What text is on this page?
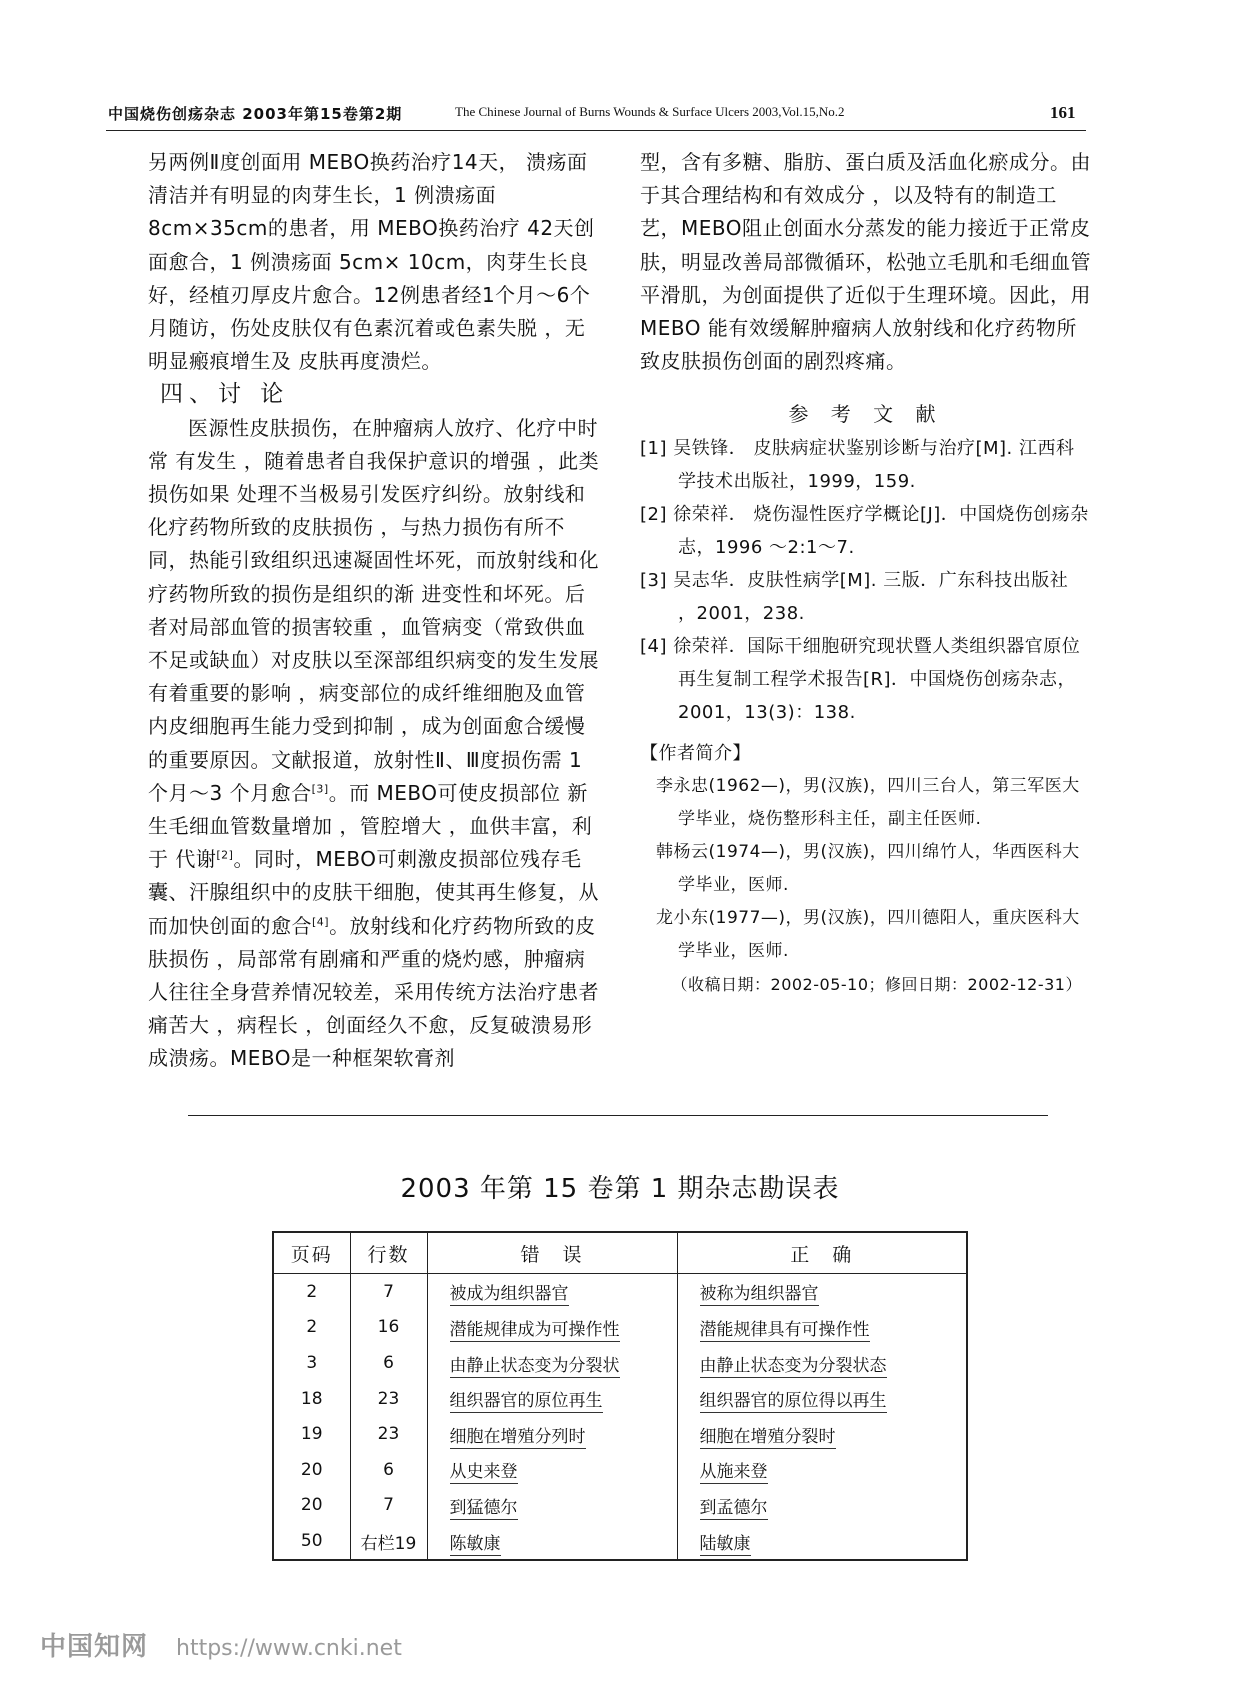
中国烧伤创疡杂志 2003年第15卷第2期	The Chinese Journal of Burns Wounds & Surface Ulcers 2003,Vol.15,No.2	161

另两例Ⅱ度创面用 MEBO换药治疗14天， 溃疡面清洁并有明显的肉芽生长，1 例溃疡面 8cm×35cm的患者，用 MEBO换药治疗 42天创面愈合，1 例溃疡面 5cm× 10cm，肉芽生长良好，经植刃厚皮片愈合。12例患者经1个月～6个月随访，伤处皮肤仅有色素沉着或色素失脱 ，无明显瘢痕增生及 皮肤再度溃烂。

四、讨 论

医源性皮肤损伤，在肿瘤病人放疗、化疗中时常 有发生 ，随着患者自我保护意识的增强 ，此类损伤如果 处理不当极易引发医疗纠纷。放射线和化疗药物所致的皮肤损伤 ，与热力损伤有所不同，热能引致组织迅速凝固性坏死，而放射线和化疗药物所致的损伤是组织的渐 进变性和坏死。后者对局部血管的损害较重 ，血管病变（常致供血不足或缺血）对皮肤以至深部组织病变的发生发展有着重要的影响 ，病变部位的成纤维细胞及血管内皮细胞再生能力受到抑制 ，成为创面愈合缓慢的重要原因。文献报道，放射性Ⅱ、Ⅲ度损伤需 1 个月～3 个月愈合[3]。而 MEBO可使皮损部位 新生毛细血管数量增加 ，管腔增大 ，血供丰富，利于 代谢[2]。同时，MEBO可刺激皮损部位残存毛囊、汗腺组织中的皮肤干细胞，使其再生修复，从而加快创面的愈合[4]。放射线和化疗药物所致的皮肤损伤 ，局部常有剧痛和严重的烧灼感，肿瘤病人往往全身营养情况较差，采用传统方法治疗患者痛苦大 ，病程长 ，创面经久不愈，反复破溃易形成溃疡。MEBO是一种框架软膏剂

型，含有多糖、脂肪、蛋白质及活血化瘀成分。由于其合理结构和有效成分 ，以及特有的制造工艺，MEBO阻止创面水分蒸发的能力接近于正常皮肤，明显改善局部微循环，松弛立毛肌和毛细血管平滑肌，为创面提供了近似于生理环境。因此，用 MEBO 能有效缓解肿瘤病人放射线和化疗药物所致皮肤损伤创面的剧烈疼痛。

参 考 文 献

[1] 吴铁锋． 皮肤病症状鉴别诊断与治疗[M]. 江西科学技术出版社，1999，159.
[2] 徐荣祥． 烧伤湿性医疗学概论[J]．中国烧伤创疡杂志，1996 ～2:1～7.
[3] 吴志华．皮肤性病学[M]. 三版．广东科技出版社 ，2001，238.
[4] 徐荣祥．国际干细胞研究现状暨人类组织器官原位 再生复制工程学术报告[R]．中国烧伤创疡杂志，2001，13(3)：138.

【作者简介】

李永忠(1962—)，男(汉族)，四川三台人，第三军医大学毕业，烧伤整形科主任，副主任医师.

韩杨云(1974—)，男(汉族)，四川绵竹人，华西医科大学毕业，医师.

龙小东(1977—)，男(汉族)，四川德阳人，重庆医科大学毕业，医师.

（收稿日期：2002-05-10；修回日期：2002-12-31）

2003 年第 15 卷第 1 期杂志勘误表
页码	行数	错　误	正　确
2	7	被成为组织器官	被称为组织器官
2	16	潜能规律成为可操作性	潜能规律具有可操作性
3	6	由静止状态变为分裂状	由静止状态变为分裂状态
18	23	组织器官的原位再生	组织器官的原位得以再生
19	23	细胞在增殖分列时	细胞在增殖分裂时
20	6	从史来登	从施来登
20	7	到猛德尔	到孟德尔
50	右栏19	陈敏康	陆敏康
中国知网 https://www.cnki.net
